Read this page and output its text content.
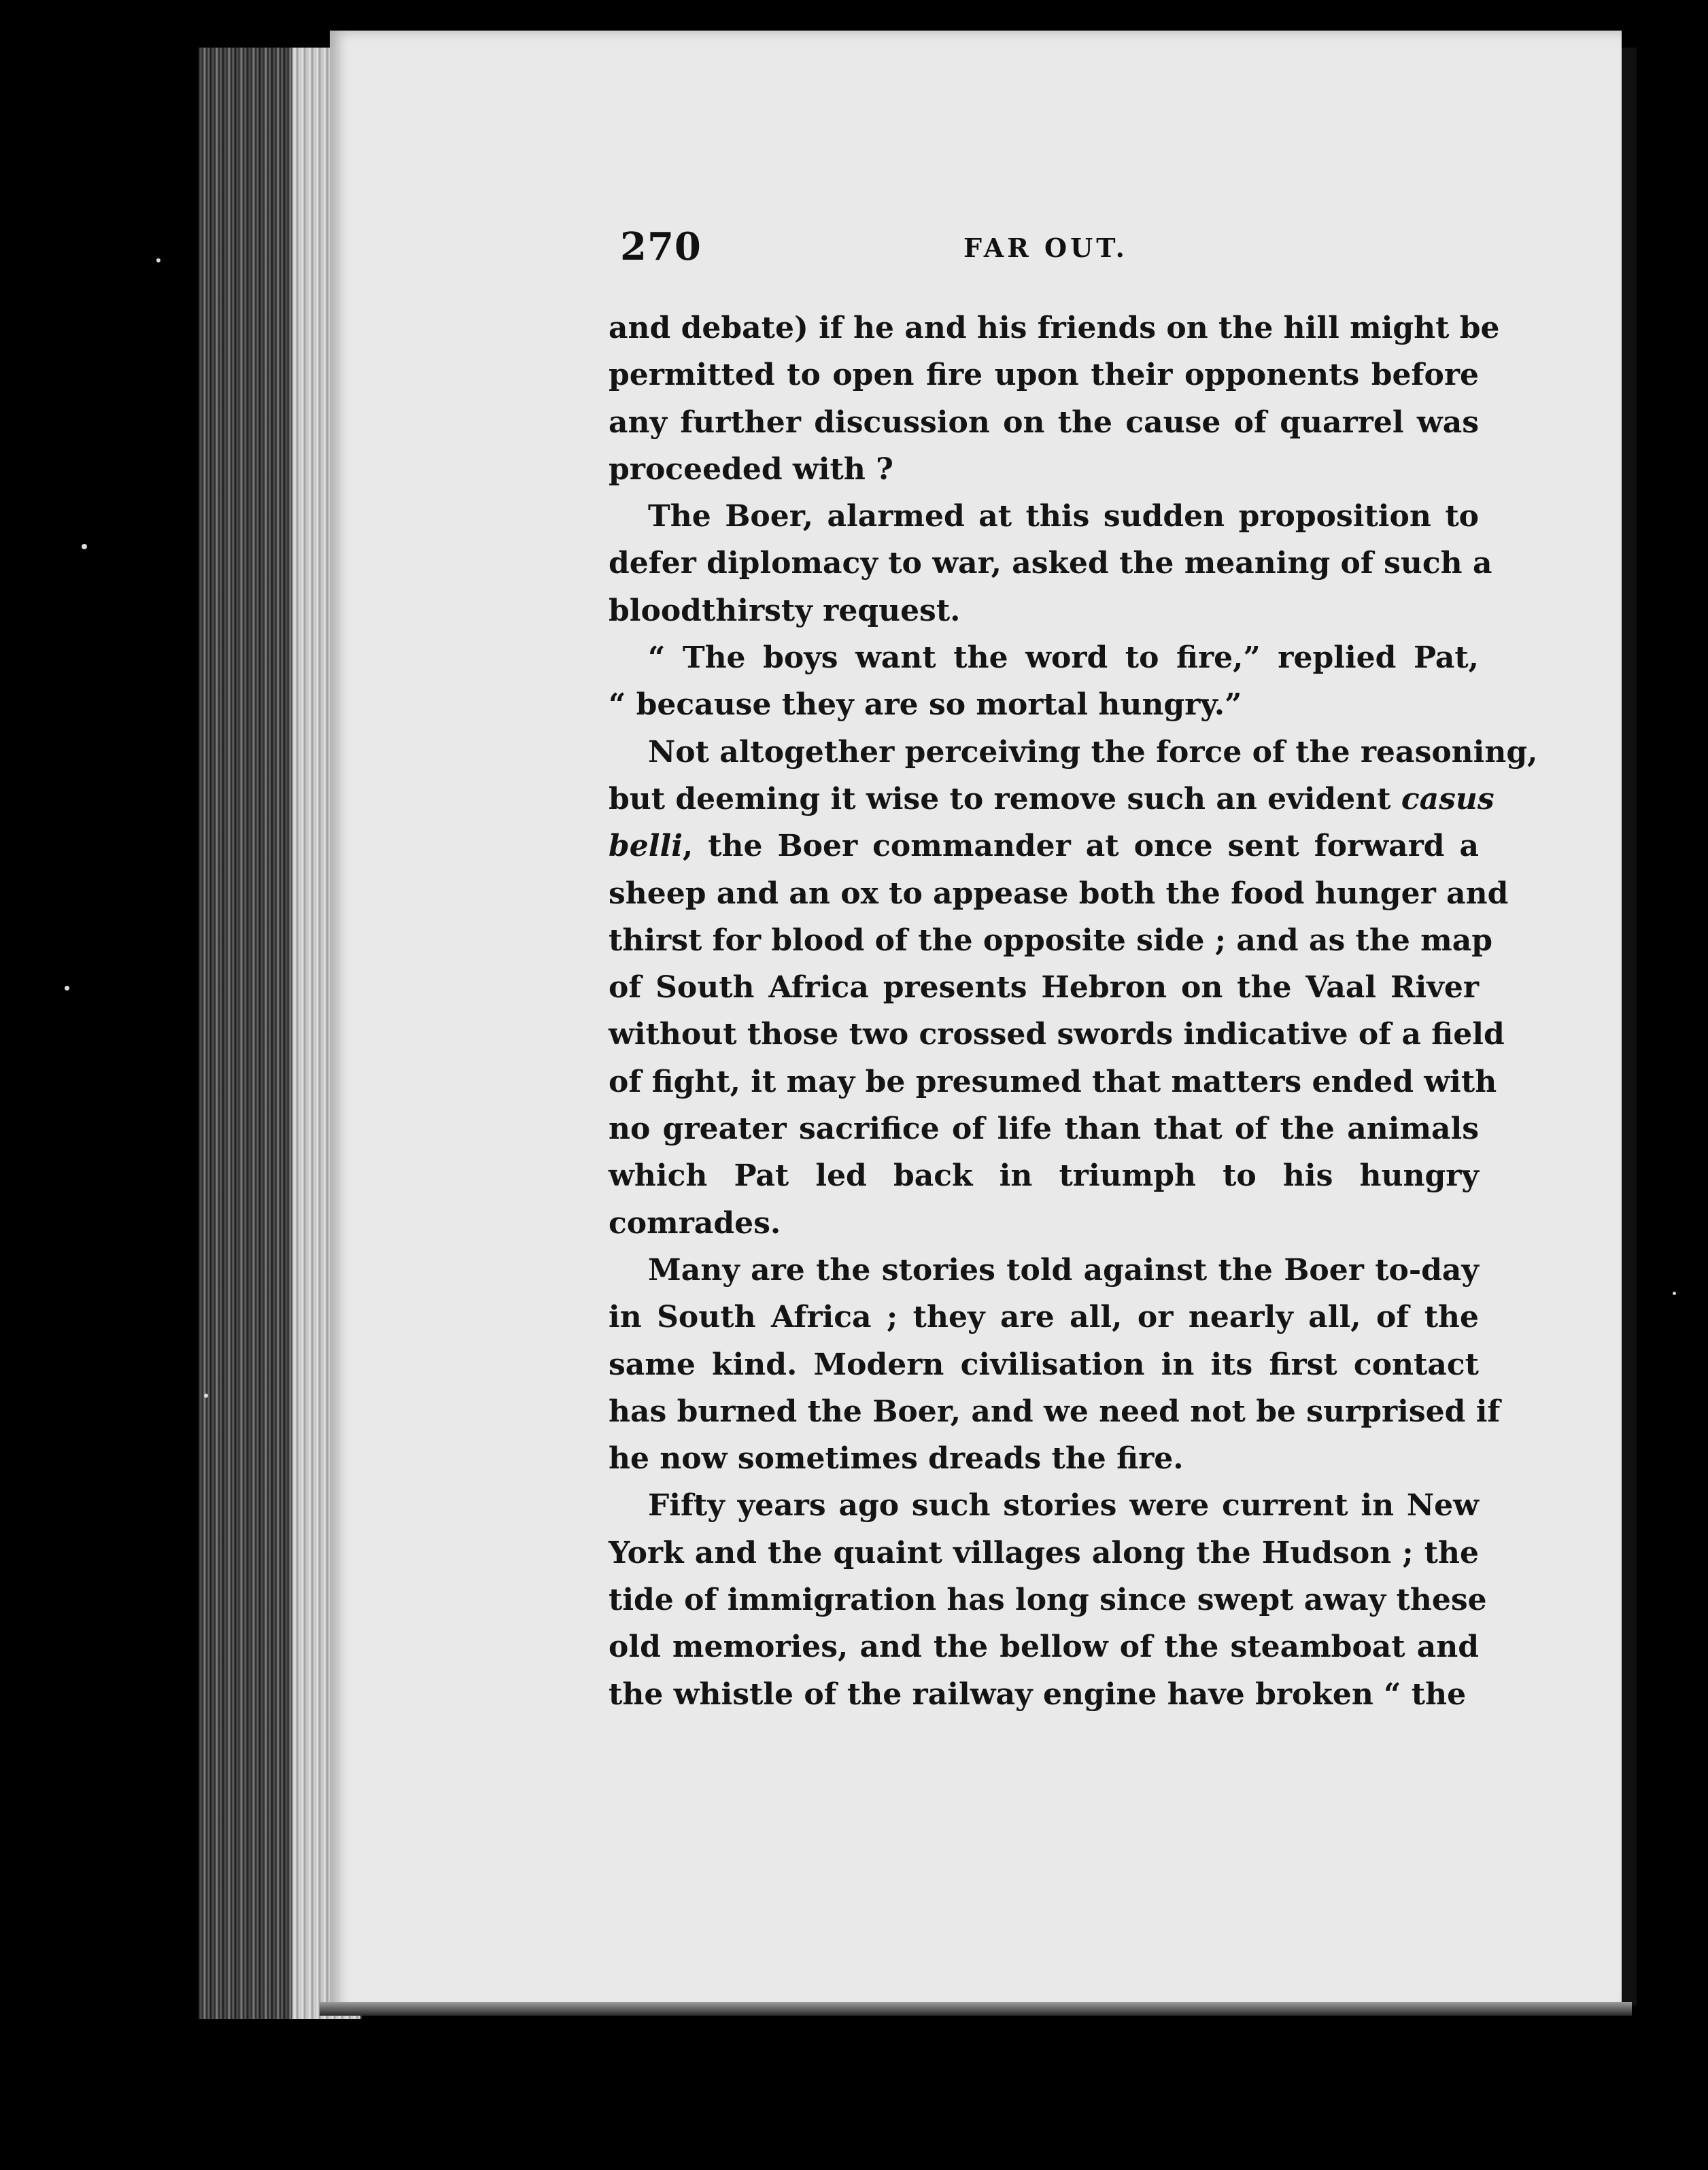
270	FAR OUT.

and debate) if he and his friends on the hill might be
permitted to open fire upon their opponents before
any further discussion on the cause of quarrel was
proceeded with ?

The Boer, alarmed at this sudden proposition to
defer diplomacy to war, asked the meaning of such a
bloodthirsty request.

“ The boys want the word to fire,” replied Pat,
“ because they are so mortal hungry.”

Not altogether perceiving the force of the reasoning,
but deeming it wise to remove such an evident casus
belli, the Boer commander at once sent forward a
sheep and an ox to appease both the food hunger and
thirst for blood of the opposite side ; and as the map
of South Africa presents Hebron on the Vaal River
without those two crossed swords indicative of a field
of fight, it may be presumed that matters ended with
no greater sacrifice of life than that of the animals
which Pat led back in triumph to his hungry
comrades.

Many are the stories told against the Boer to-day
in South Africa ; they are all, or nearly all, of the
same kind. Modern civilisation in its first contact
has burned the Boer, and we need not be surprised if
he now sometimes dreads the fire.

Fifty years ago such stories were current in New
York and the quaint villages along the Hudson ; the
tide of immigration has long since swept away these
old memories, and the bellow of the steamboat and
the whistle of the railway engine have broken “ the
